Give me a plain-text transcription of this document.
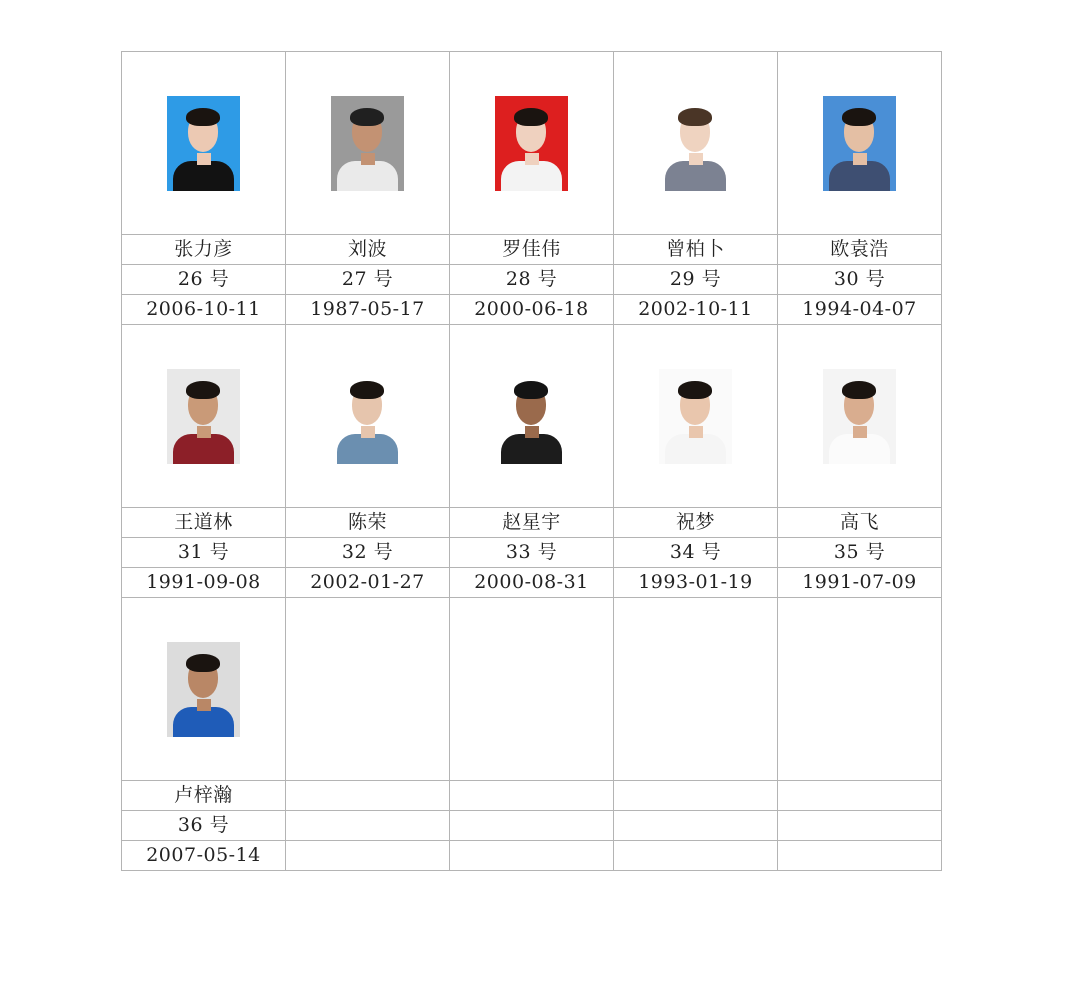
张力彦	刘波	罗佳伟	曾柏卜	欧袁浩
26 号	27 号	28 号	29 号	30 号
2006-10-11	1987-05-17	2000-06-18	2002-10-11	1994-04-07

王道林	陈荣	赵星宇	祝梦	高飞
31 号	32 号	33 号	34 号	35 号
1991-09-08	2002-01-27	2000-08-31	1993-01-19	1991-07-09

卢梓瀚				
36 号				
2007-05-14				
